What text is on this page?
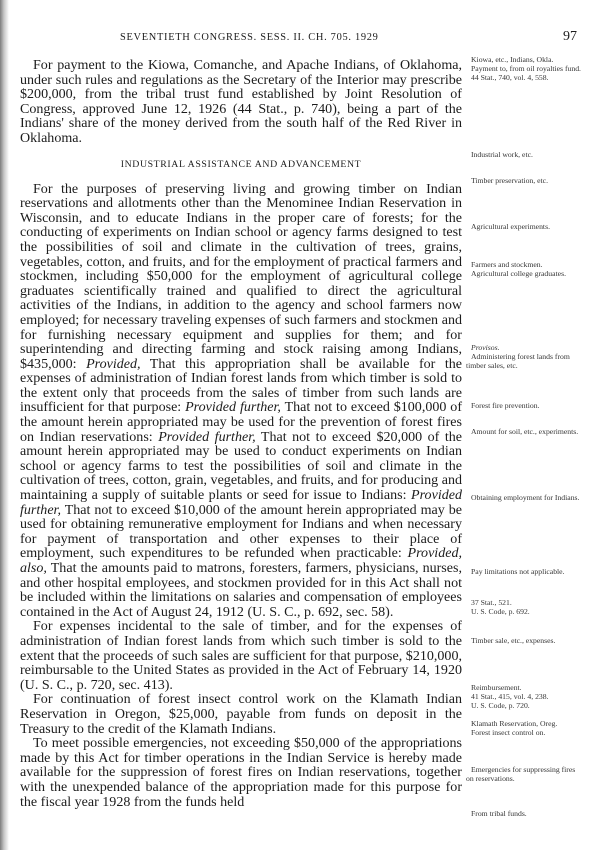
SEVENTIETH CONGRESS. SESS. II. CH. 705. 1929	97

For payment to the Kiowa, Comanche, and Apache Indians, of Oklahoma, under such rules and regulations as the Secretary of the Interior may prescribe $200,000, from the tribal trust fund established by Joint Resolution of Congress, approved June 12, 1926 (44 Stat., p. 740), being a part of the Indians' share of the money derived from the south half of the Red River in Oklahoma.

INDUSTRIAL ASSISTANCE AND ADVANCEMENT

For the purposes of preserving living and growing timber on Indian reservations and allotments other than the Menominee Indian Reservation in Wisconsin, and to educate Indians in the proper care of forests; for the conducting of experiments on Indian school or agency farms designed to test the possibilities of soil and climate in the cultivation of trees, grains, vegetables, cotton, and fruits, and for the employment of practical farmers and stockmen, including $50,000 for the employment of agricultural college graduates scientifically trained and qualified to direct the agricultural activities of the Indians, in addition to the agency and school farmers now employed; for necessary traveling expenses of such farmers and stockmen and for furnishing necessary equipment and supplies for them; and for superintending and directing farming and stock raising among Indians, $435,000: Provided, That this appropriation shall be available for the expenses of administration of Indian forest lands from which timber is sold to the extent only that proceeds from the sales of timber from such lands are insufficient for that purpose: Provided further, That not to exceed $100,000 of the amount herein appropriated may be used for the prevention of forest fires on Indian reservations: Provided further, That not to exceed $20,000 of the amount herein appropriated may be used to conduct experiments on Indian school or agency farms to test the possibilities of soil and climate in the cultivation of trees, cotton, grain, vegetables, and fruits, and for producing and maintaining a supply of suitable plants or seed for issue to Indians: Provided further, That not to exceed $10,000 of the amount herein appropriated may be used for obtaining remunerative employment for Indians and when necessary for payment of transportation and other expenses to their place of employment, such expenditures to be refunded when practicable: Provided, also, That the amounts paid to matrons, foresters, farmers, physicians, nurses, and other hospital employees, and stockmen provided for in this Act shall not be included within the limitations on salaries and compensation of employees contained in the Act of August 24, 1912 (U. S. C., p. 692, sec. 58).

For expenses incidental to the sale of timber, and for the expenses of administration of Indian forest lands from which such timber is sold to the extent that the proceeds of such sales are sufficient for that purpose, $210,000, reimbursable to the United States as provided in the Act of February 14, 1920 (U. S. C., p. 720, sec. 413).

For continuation of forest insect control work on the Klamath Indian Reservation in Oregon, $25,000, payable from funds on deposit in the Treasury to the credit of the Klamath Indians.

To meet possible emergencies, not exceeding $50,000 of the appropriations made by this Act for timber operations in the Indian Service is hereby made available for the suppression of forest fires on Indian reservations, together with the unexpended balance of the appropriation made for this purpose for the fiscal year 1928 from the funds held

Kiowa, etc., Indians, Okla.
Payment to, from oil royalties fund.
44 Stat., 740, vol. 4, 558.
Industrial work, etc.
Timber preservation, etc.
Agricultural experiments.
Farmers and stockmen.
Agricultural college graduates.
Provisos.
Administering forest lands from timber sales, etc.
Forest fire prevention.
Amount for soil, etc., experiments.
Obtaining employment for Indians.
Pay limitations not applicable.
37 Stat., 521.
U. S. Code, p. 692.
Timber sale, etc., expenses.
Reimbursement.
41 Stat., 415, vol. 4, 238.
U. S. Code, p. 720.
Klamath Reservation, Oreg.
Forest insect control on.
Emergencies for suppressing fires on reservations.
From tribal funds.
